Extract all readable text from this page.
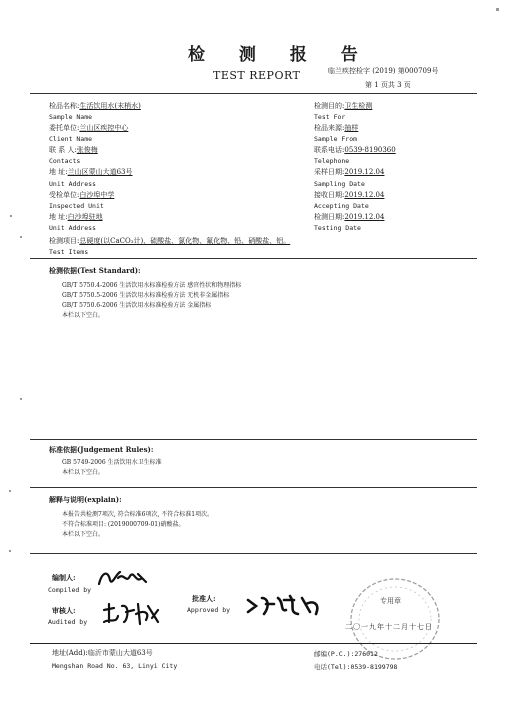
检 测 报 告
TEST REPORT	临兰疾控检字 (2019) 第000709号
第 1 页共 3 页
检品名称:生活饮用水(末梢水)
Sample Name
委托单位:兰山区疾控中心
Client Name
联 系 人:张俊梅
Contacts
地 址:兰山区蒙山大道63号
Unit Address
受检单位:白沙埠中学
Inspected Unit
地 址:白沙埠驻地
Unit Address
检测项目:总硬度(以CaCO₃计)、硫酸盐、氯化物、氟化物、铅、硝酸盐、铝。
Test Items
检测目的:卫生检测
Test For
检品来源:抽样
Sample From
联系电话:0539-8190360
Telephone
采样日期:2019.12.04
Sampling Date
接收日期:2019.12.04
Accepting Date
检测日期:2019.12.04
Testing Date
检测依据(Test Standard):
GB/T 5750.4-2006 生活饮用水标准检验方法 感官性状和物理指标
GB/T 5750.5-2006 生活饮用水标准检验方法 无机非金属指标
GB/T 5750.6-2006 生活饮用水标准检验方法 金属指标
本栏以下空白。
标准依据(Judgement Rules):
GB 5749-2006 生活饮用水卫生标准
本栏以下空白。
解释与说明(explain):
本报告共检测7项次, 符合标准6项次, 不符合标准1项次。
不符合标准项目: (2019000709-01)硝酸盐。
本栏以下空白。
编制人:
Compiled by
审核人:
Audited by
批准人:
Approved by
专用章
二〇一九年十二月十七日
地址(Add):临沂市蒙山大道63号
Mengshan Road No. 63, Linyi City
邮编(P.C.):276012
电话(Tel):0539-8199798
